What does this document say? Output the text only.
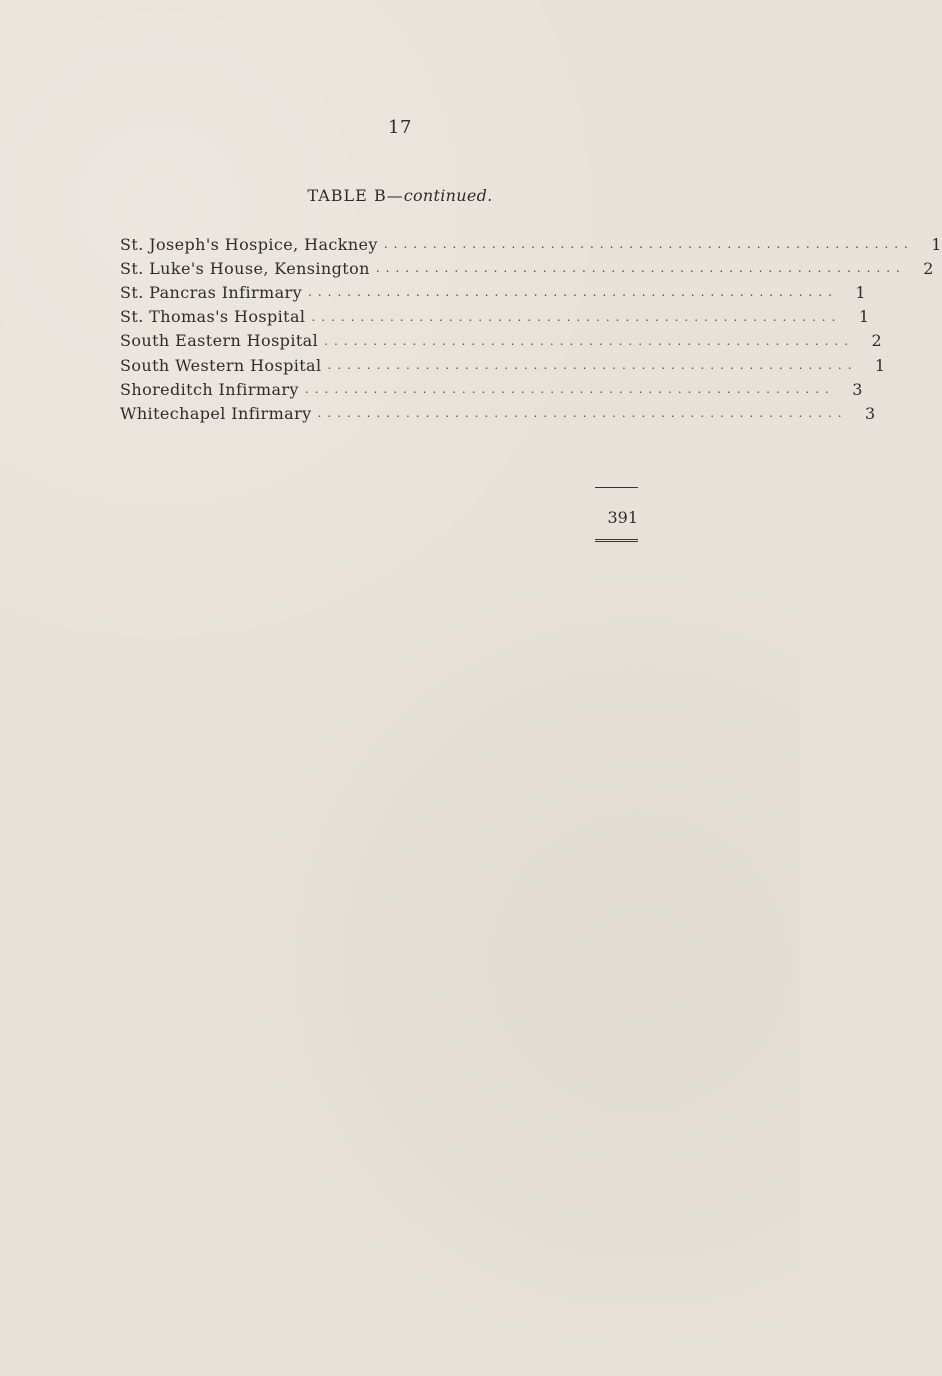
17
TABLE B—continued.
St. Joseph's Hospice, Hackney ......................................................	1
St. Luke's House, Kensington ......................................................	2
St. Pancras Infirmary ......................................................	1
St. Thomas's Hospital ......................................................	1
South Eastern Hospital ......................................................	2
South Western Hospital ......................................................	1
Shoreditch Infirmary ......................................................	3
Whitechapel Infirmary ......................................................	3
391
